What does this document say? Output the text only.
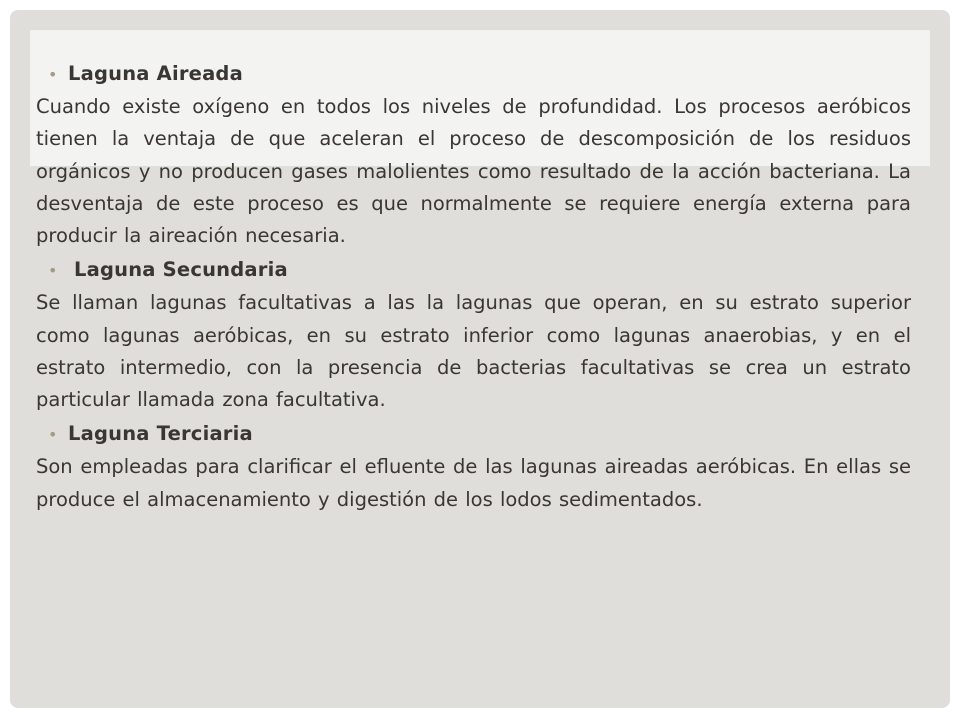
• Laguna Aireada

Cuando existe oxígeno en todos los niveles de profundidad. Los procesos aeróbicos tienen la ventaja de que aceleran el proceso de descomposición de los residuos orgánicos y no producen gases malolientes como resultado de la acción bacteriana. La desventaja de este proceso es que normalmente se requiere energía externa para producir la aireación necesaria.

• Laguna Secundaria

Se llaman lagunas facultativas a las la lagunas que operan, en su estrato superior como lagunas aeróbicas, en su estrato inferior como lagunas anaerobias, y en el estrato intermedio, con la presencia de bacterias facultativas se crea un estrato particular llamada zona facultativa.

• Laguna Terciaria

Son empleadas para clarificar el efluente de las lagunas aireadas aeróbicas. En ellas se produce el almacenamiento y digestión de los lodos sedimentados.
